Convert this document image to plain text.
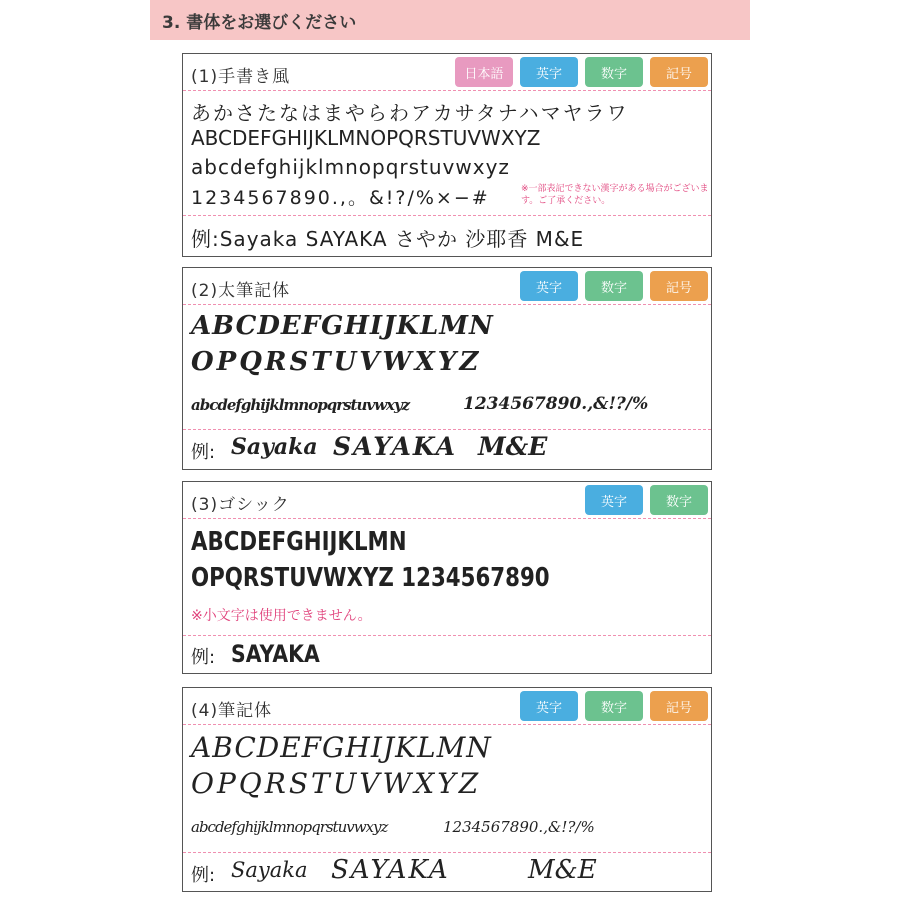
3. 書体をお選びください
(1)手書き風	日本語	英字	数字	記号
あかさたなはまやらわアカサタナハマヤラワ
ABCDEFGHIJKLMNOPQRSTUVWXYZ
abcdefghijklmnopqrstuvwxyz
1234567890.,。&!?/%×−#	※一部表記できない漢字がある場合がございます。ご了承ください。
例:Sayaka SAYAKA さやか 沙耶香 M&E
(2)太筆記体	英字	数字	記号
ABCDEFGHIJKLMN
OPQRSTUVWXYZ
abcdefghijklmnopqrstuvwxyz	1234567890.,&!?/%
例: Sayaka SAYAKA M&E
(3)ゴシック	英字	数字
ABCDEFGHIJKLMN
OPQRSTUVWXYZ 1234567890
※小文字は使用できません。
例: SAYAKA
(4)筆記体	英字	数字	記号
ABCDEFGHIJKLMN
OPQRSTUVWXYZ
abcdefghijklmnopqrstuvwxyz	1234567890.,&!?/%
例: Sayaka SAYAKA	M&E
